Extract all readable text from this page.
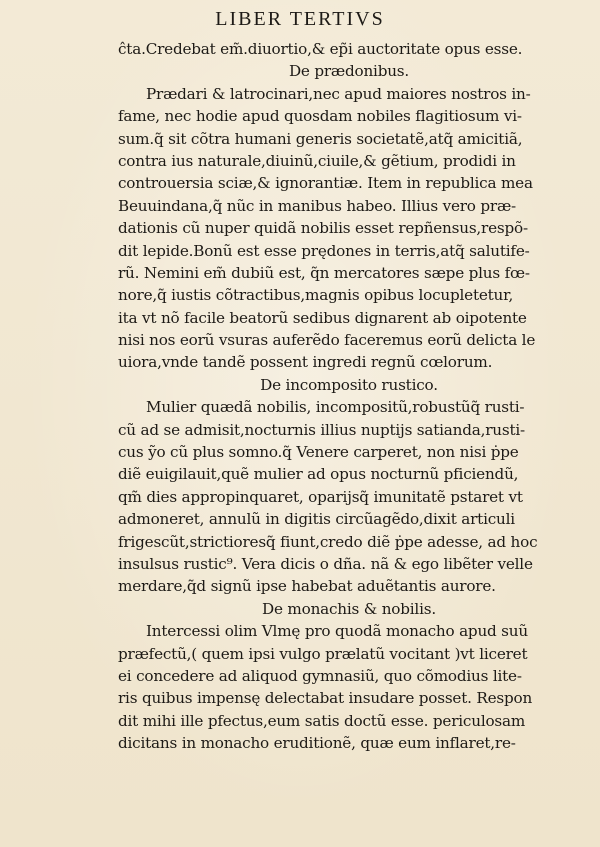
LIBER TERTIVS
ĉta.Credebat em̃.diuortio,& ep̃i auctoritate opus esse.
De prædonibus.
Prædari & latrocinari,nec apud maiores nostros in-
fame, nec hodie apud quosdam nobiles flagitiosum vi-
sum.q̃ sit cõtra humani generis societatẽ,atq̃ amicitiã,
contra ius naturale,diuinũ,ciuile,& gẽtium, prodidi in
controuersia sciæ,& ignorantiæ. Item in republica mea
Beuuindana,q̃ nũc in manibus habeo. Illius vero præ-
dationis cũ nuper quidã nobilis esset repñensus,respõ-
dit lepide.Bonũ est esse prędones in terris,atq̃ salutife-
rũ. Nemini em̃ dubiũ est, q̃n mercatores sæpe plus fœ-
nore,q̃ iustis cõtractibus,magnis opibus locupletetur,
ita vt nõ facile beatorũ sedibus dignarent ab oipotente
nisi nos eorũ vsuras auferẽdo faceremus eorũ delicta le
uiora,vnde tandẽ possent ingredi regnũ cœlorum.
De incomposito rustico.
Mulier quædã nobilis, incompositũ,robustũq̃ rusti-
cũ ad se admisit,nocturnis illius nuptijs satianda,rusti-
cus ỹo cũ plus somno.q̃ Venere carperet, non nisi ṗpe
diẽ euigilauit,quẽ mulier ad opus nocturnũ pficiendũ,
qm̃ dies appropinquaret, oparijsq̃ imunitatẽ pstaret vt
admoneret, annulũ in digitis circũagẽdo,dixit articuli
frigescũt,strictioresq̃ fiunt,credo diẽ ṗpe adesse, ad hoc
insulsus rustic⁹. Vera dicis o dña. nã & ego libẽter velle
merdare,q̃d signũ ipse habebat aduẽtantis aurore.
De monachis & nobilis.
Intercessi olim Vlmę pro quodã monacho apud suũ
præfectũ,( quem ipsi vulgo prælatũ vocitant )vt liceret
ei concedere ad aliquod gymnasiũ, quo cõmodius lite-
ris quibus impensę delectabat insudare posset. Respon
dit mihi ille pfectus,eum satis doctũ esse. periculosam
dicitans in monacho eruditionẽ, quæ eum inflaret,re-
